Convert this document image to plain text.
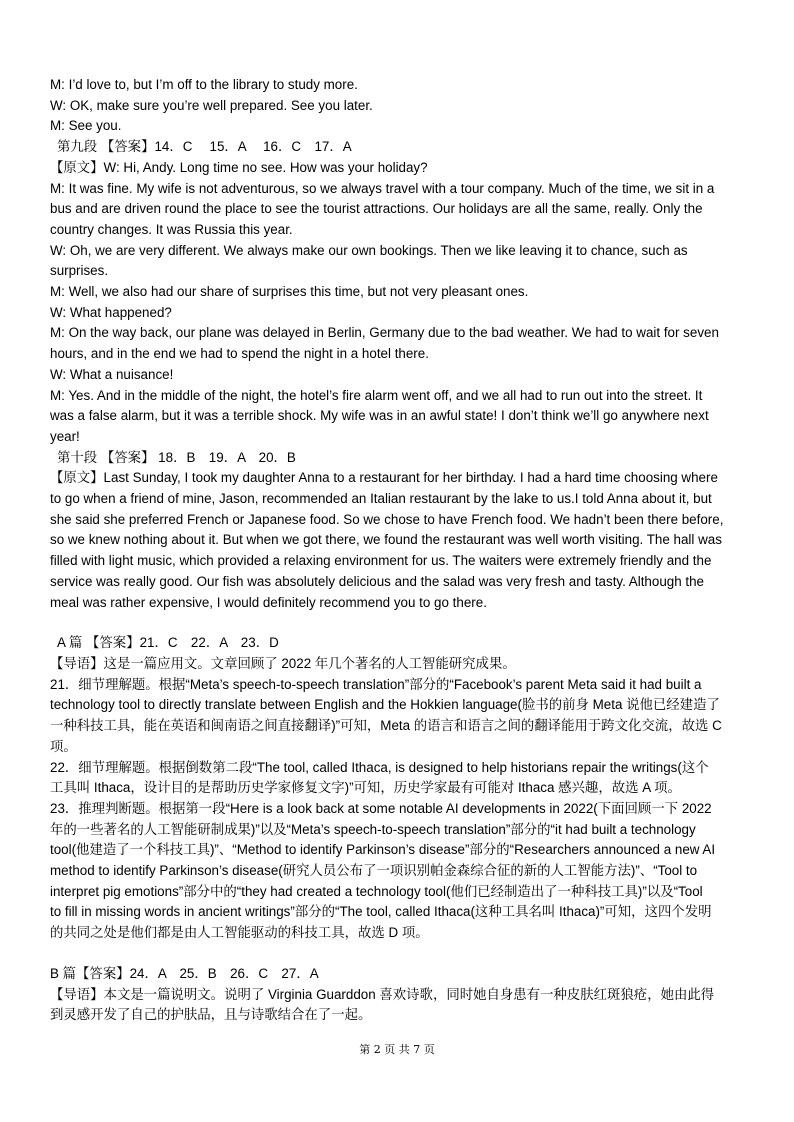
M: I’d love to, but I’m off to the library to study more.
W: OK, make sure you’re well prepared. See you later.
M: See you.
第九段 【答案】14．C　 15．A　 16．C　17．A
【原文】W: Hi, Andy. Long time no see. How was your holiday?
M: It was fine. My wife is not adventurous, so we always travel with a tour company. Much of the time, we sit in a
bus and are driven round the place to see the tourist attractions. Our holidays are all the same, really. Only the
country changes. It was Russia this year.
W: Oh, we are very different. We always make our own bookings. Then we like leaving it to chance, such as
surprises.
M: Well, we also had our share of surprises this time, but not very pleasant ones.
W: What happened?
M: On the way back, our plane was delayed in Berlin, Germany due to the bad weather. We had to wait for seven
hours, and in the end we had to spend the night in a hotel there.
W: What a nuisance!
M: Yes. And in the middle of the night, the hotel’s fire alarm went off, and we all had to run out into the street. It
was a false alarm, but it was a terrible shock. My wife was in an awful state! I don’t think we’ll go anywhere next
year!
第十段 【答案】 18．B　19．A　20．B
【原文】Last Sunday, I took my daughter Anna to a restaurant for her birthday. I had a hard time choosing where
to go when a friend of mine, Jason, recommended an Italian restaurant by the lake to us.I told Anna about it, but
she said she preferred French or Japanese food. So we chose to have French food. We hadn’t been there before,
so we knew nothing about it. But when we got there, we found the restaurant was well worth visiting. The hall was
filled with light music, which provided a relaxing environment for us. The waiters were extremely friendly and the
service was really good. Our fish was absolutely delicious and the salad was very fresh and tasty. Although the
meal was rather expensive, I would definitely recommend you to go there.
A 篇 【答案】21．C　22．A　23．D
【导语】这是一篇应用文。文章回顾了 2022 年几个著名的人工智能研究成果。
21．细节理解题。根据“Meta’s speech-to-speech translation”部分的“Facebook’s parent Meta said it had built a
technology tool to directly translate between English and the Hokkien language(脸书的前身 Meta 说他已经建造了
一种科技工具，能在英语和闽南语之间直接翻译)”可知，Meta 的语言和语言之间的翻译能用于跨文化交流，故选 C
项。
22．细节理解题。根据倒数第二段“The tool, called Ithaca, is designed to help historians repair the writings(这个
工具叫 Ithaca，设计目的是帮助历史学家修复文字)”可知，历史学家最有可能对 Ithaca 感兴趣，故选 A 项。
23．推理判断题。根据第一段“Here is a look back at some notable AI developments in 2022(下面回顾一下 2022
年的一些著名的人工智能研制成果)”以及“Meta’s speech-to-speech translation”部分的“it had built a technology
tool(他建造了一个科技工具)”、“Method to identify Parkinson’s disease”部分的“Researchers announced a new AI
method to identify Parkinson’s disease(研究人员公布了一项识别帕金森综合征的新的人工智能方法)”、“Tool to
interpret pig emotions”部分中的“they had created a technology tool(他们已经制造出了一种科技工具)”以及“Tool
to fill in missing words in ancient writings”部分的“The tool, called Ithaca(这种工具名叫 Ithaca)”可知，这四个发明
的共同之处是他们都是由人工智能驱动的科技工具，故选 D 项。
B 篇【答案】24．A　25．B　26．C　27．A
【导语】本文是一篇说明文。说明了 Virginia Guarddon 喜欢诗歌，同时她自身患有一种皮肤红斑狼疮，她由此得
到灵感开发了自己的护肤品，且与诗歌结合在了一起。
第 2 页 共 7 页
